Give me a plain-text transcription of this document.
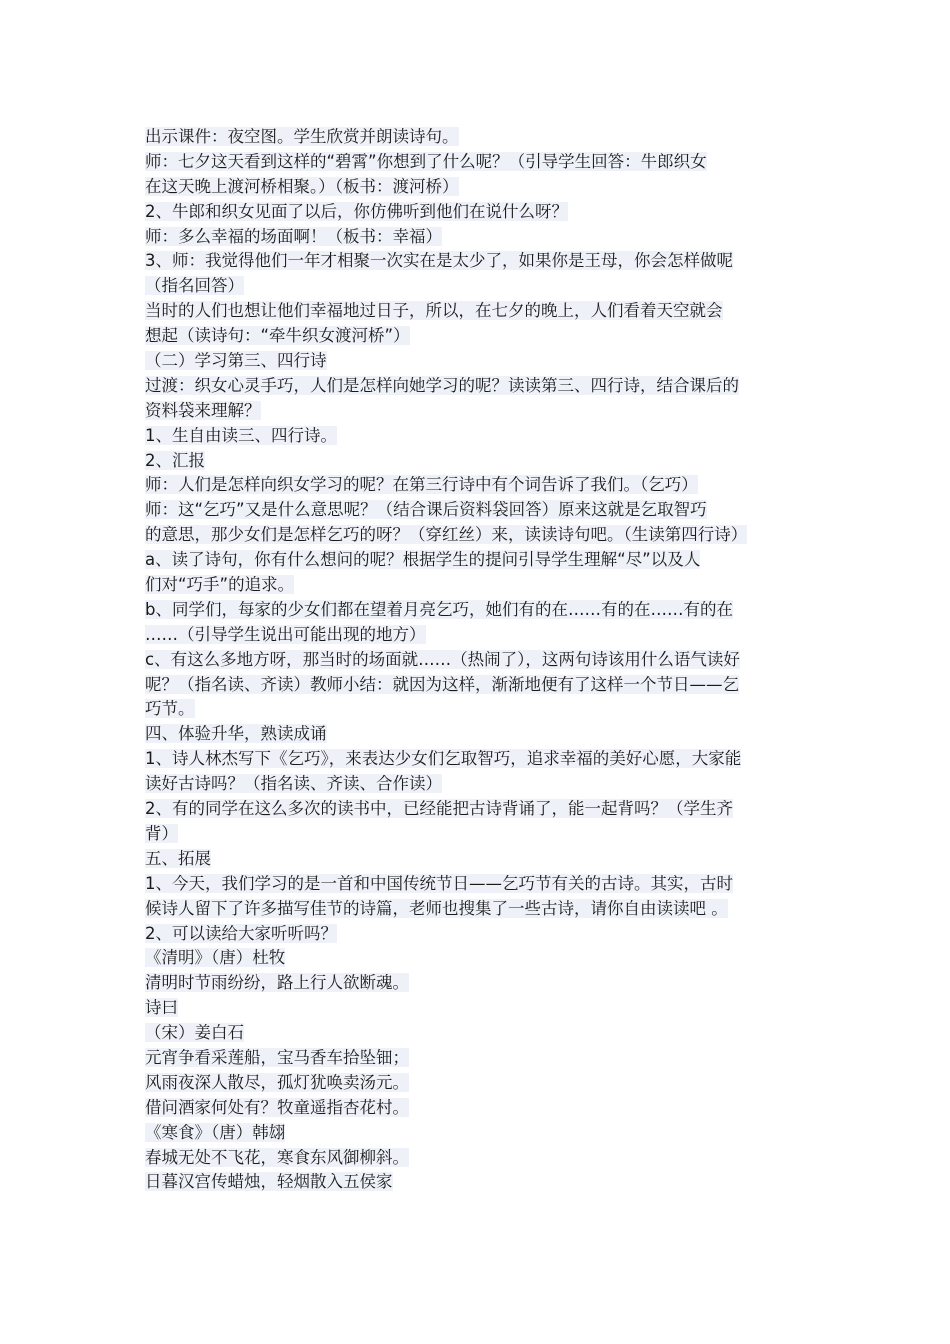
出示课件：夜空图。学生欣赏并朗读诗句。
师：七夕这天看到这样的“碧霄”你想到了什么呢？（引导学生回答：牛郎织女
在这天晚上渡河桥相聚。）（板书：渡河桥）
2、牛郎和织女见面了以后，你仿佛听到他们在说什么呀？
师：多么幸福的场面啊！（板书：幸福）
3、师：我觉得他们一年才相聚一次实在是太少了，如果你是王母，你会怎样做呢
（指名回答）
当时的人们也想让他们幸福地过日子，所以，在七夕的晚上，人们看着天空就会
想起（读诗句：“牵牛织女渡河桥”）
（二）学习第三、四行诗
过渡：织女心灵手巧，人们是怎样向她学习的呢？读读第三、四行诗，结合课后的
资料袋来理解？
1、生自由读三、四行诗。
2、汇报
师：人们是怎样向织女学习的呢？在第三行诗中有个词告诉了我们。（乞巧）
师：这“乞巧”又是什么意思呢？（结合课后资料袋回答）原来这就是乞取智巧
的意思，那少女们是怎样乞巧的呀？（穿红丝）来，读读诗句吧。（生读第四行诗）
a、读了诗句，你有什么想问的呢？根据学生的提问引导学生理解“尽”以及人
们对“巧手”的追求。
b、同学们，每家的少女们都在望着月亮乞巧，她们有的在……有的在……有的在
……（引导学生说出可能出现的地方）
c、有这么多地方呀，那当时的场面就……（热闹了），这两句诗该用什么语气读好
呢？（指名读、齐读）教师小结：就因为这样，渐渐地便有了这样一个节日——乞
巧节。
四、体验升华，熟读成诵
1、诗人林杰写下《乞巧》，来表达少女们乞取智巧，追求幸福的美好心愿，大家能
读好古诗吗？（指名读、齐读、合作读）
2、有的同学在这么多次的读书中，已经能把古诗背诵了，能一起背吗？（学生齐
背）
五、拓展
1、今天，我们学习的是一首和中国传统节日——乞巧节有关的古诗。其实，古时
候诗人留下了许多描写佳节的诗篇，老师也搜集了一些古诗，请你自由读读吧 。
2、可以读给大家听听吗？
《清明》（唐）杜牧
清明时节雨纷纷，路上行人欲断魂。
诗曰
（宋）姜白石
元宵争看采莲船，宝马香车拾坠钿；
风雨夜深人散尽，孤灯犹唤卖汤元。
借问酒家何处有？牧童遥指杏花村。
《寒食》（唐）韩翃
春城无处不飞花，寒食东风御柳斜。
日暮汉宫传蜡烛，轻烟散入五侯家
